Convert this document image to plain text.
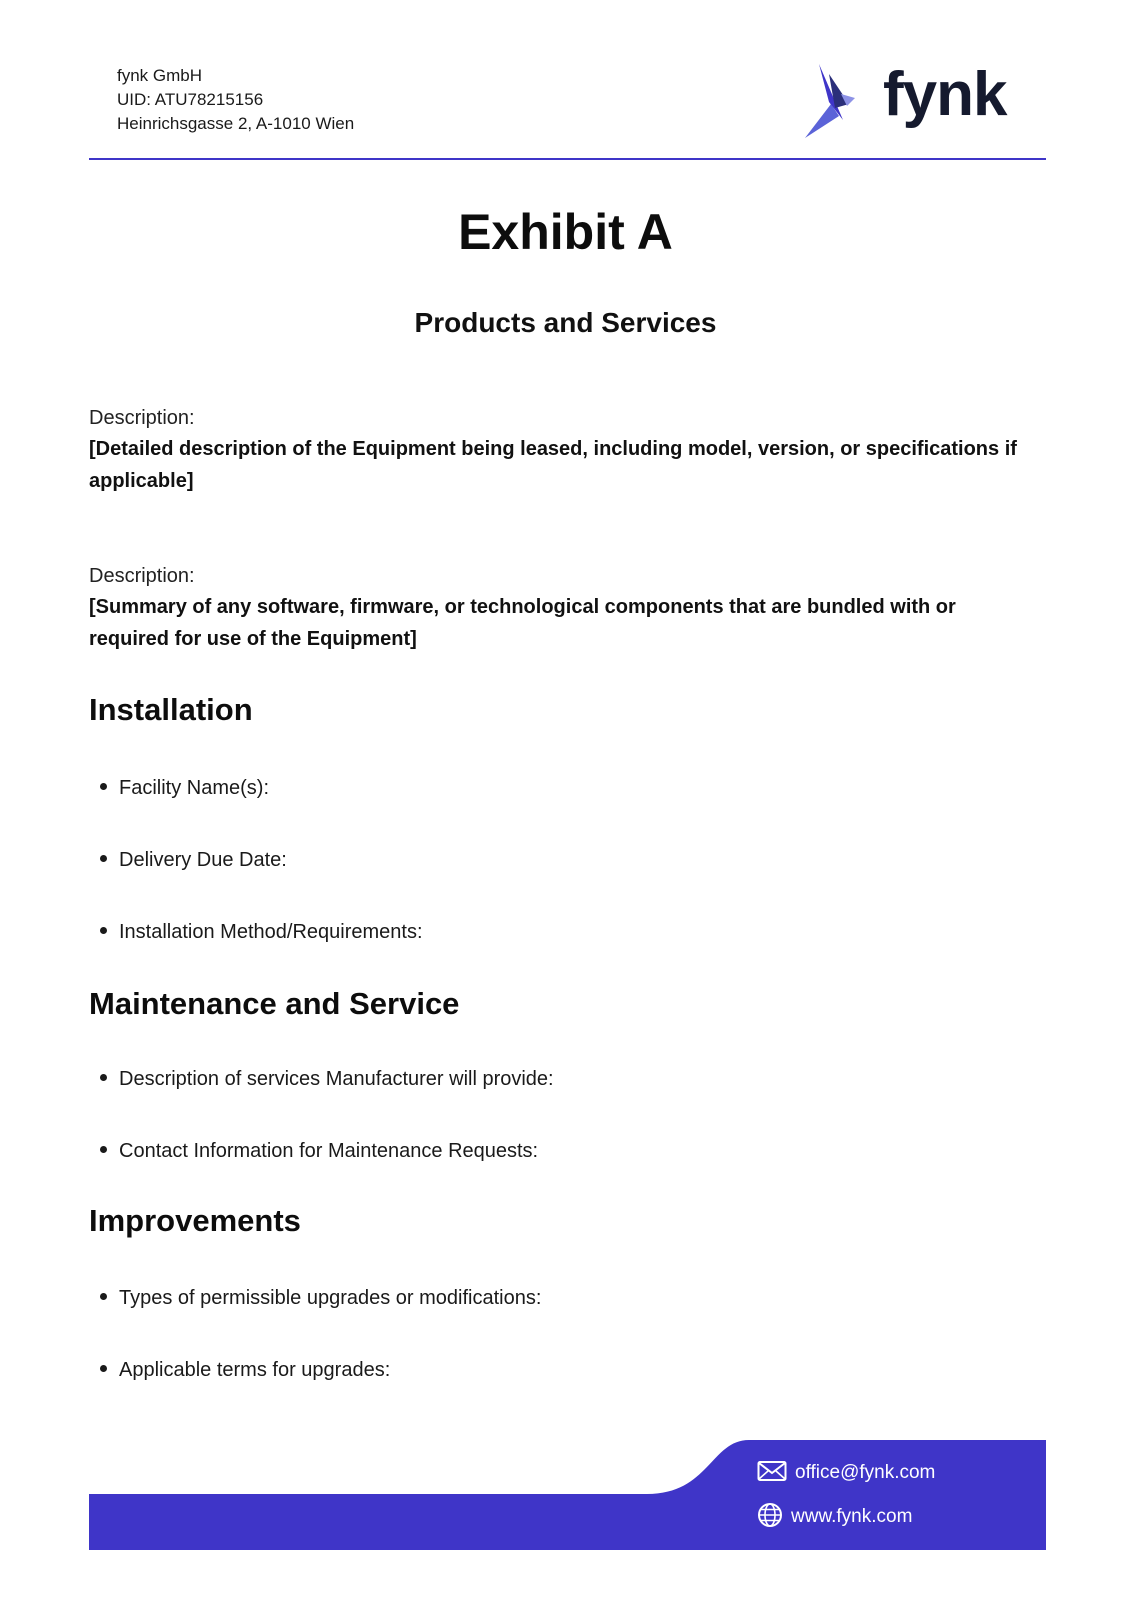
fynk GmbH
UID: ATU78215156
Heinrichsgasse 2, A-1010 Wien	fynk
Exhibit A
Products and Services
Description:
[Detailed description of the Equipment being leased, including model, version, or specifications if applicable]
Description:
[Summary of any software, firmware, or technological components that are bundled with or required for use of the Equipment]
Installation
Facility Name(s):
Delivery Due Date:
Installation Method/Requirements:
Maintenance and Service
Description of services Manufacturer will provide:
Contact Information for Maintenance Requests:
Improvements
Types of permissible upgrades or modifications:
Applicable terms for upgrades:
office@fynk.com
www.fynk.com
